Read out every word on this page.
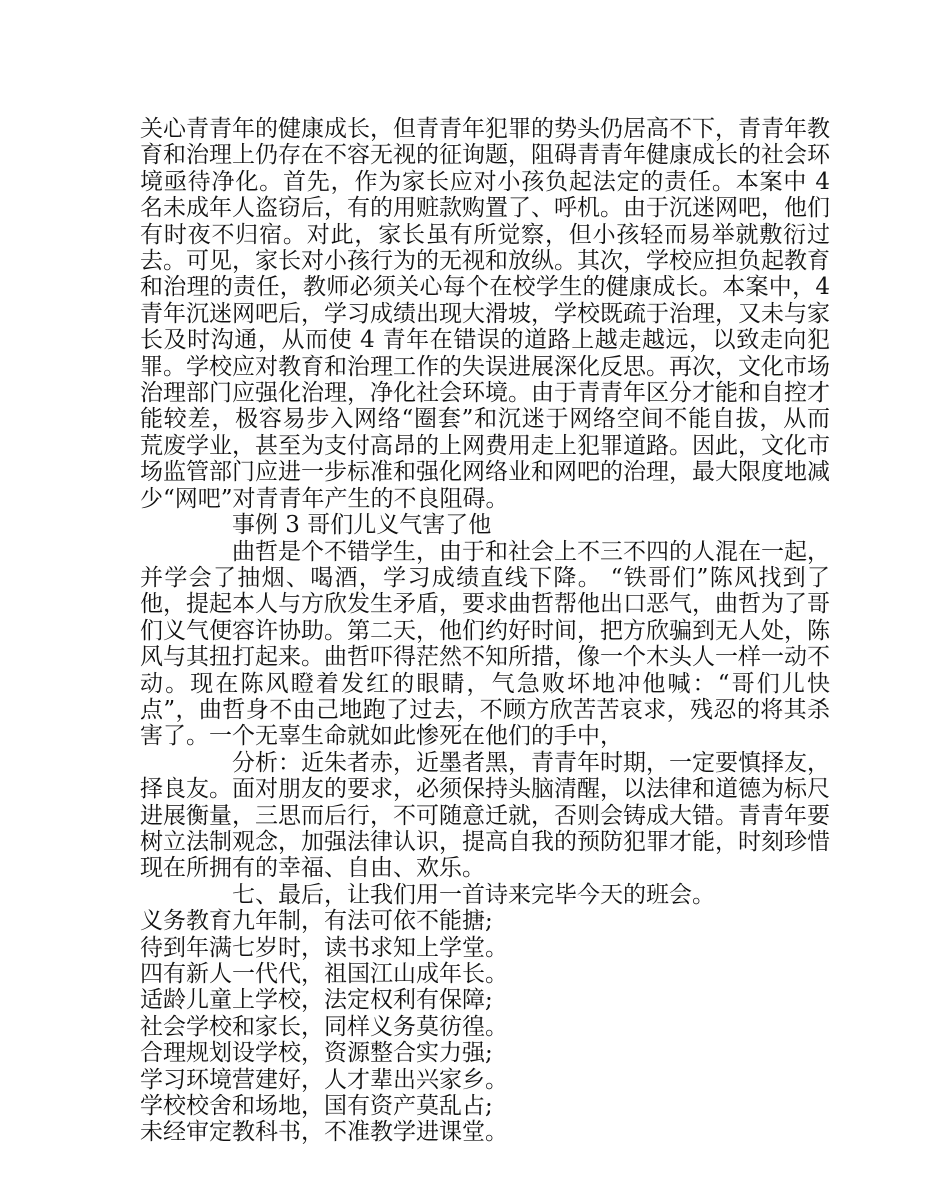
关心青青年的健康成长，但青青年犯罪的势头仍居高不下，青青年教育和治理上仍存在不容无视的征询题，阻碍青青年健康成长的社会环境亟待净化。首先，作为家长应对小孩负起法定的责任。本案中 4 名未成年人盗窃后，有的用赃款购置了、呼机。由于沉迷网吧，他们有时夜不归宿。对此，家长虽有所觉察，但小孩轻而易举就敷衍过去。可见，家长对小孩行为的无视和放纵。其次，学校应担负起教育和治理的责任，教师必须关心每个在校学生的健康成长。本案中，4 青年沉迷网吧后，学习成绩出现大滑坡，学校既疏于治理，又未与家长及时沟通，从而使 4 青年在错误的道路上越走越远，以致走向犯罪。学校应对教育和治理工作的失误进展深化反思。再次，文化市场治理部门应强化治理，净化社会环境。由于青青年区分才能和自控才能较差，极容易步入网络“圈套”和沉迷于网络空间不能自拔，从而荒废学业，甚至为支付高昂的上网费用走上犯罪道路。因此，文化市场监管部门应进一步标准和强化网络业和网吧的治理，最大限度地减少“网吧”对青青年产生的不良阻碍。

事例 3 哥们儿义气害了他

曲哲是个不错学生，由于和社会上不三不四的人混在一起，并学会了抽烟、喝酒，学习成绩直线下降。 “铁哥们”陈风找到了他，提起本人与方欣发生矛盾，要求曲哲帮他出口恶气，曲哲为了哥们义气便容许协助。第二天，他们约好时间，把方欣骗到无人处，陈风与其扭打起来。曲哲吓得茫然不知所措，像一个木头人一样一动不动。现在陈风瞪着发红的眼睛，气急败坏地冲他喊：“哥们儿快点”，曲哲身不由己地跑了过去，不顾方欣苦苦哀求，残忍的将其杀害了。一个无辜生命就如此惨死在他们的手中，

分析：近朱者赤，近墨者黑，青青年时期，一定要慎择友，择良友。面对朋友的要求，必须保持头脑清醒，以法律和道德为标尺进展衡量，三思而后行，不可随意迁就，否则会铸成大错。青青年要树立法制观念，加强法律认识，提高自我的预防犯罪才能，时刻珍惜现在所拥有的幸福、自由、欢乐。

七、最后，让我们用一首诗来完毕今天的班会。

义务教育九年制，有法可依不能搪;

待到年满七岁时，读书求知上学堂。

四有新人一代代，祖国江山成年长。

适龄儿童上学校，法定权利有保障;

社会学校和家长，同样义务莫彷徨。

合理规划设学校，资源整合实力强;

学习环境营建好，人才辈出兴家乡。

学校校舍和场地，国有资产莫乱占;

未经审定教科书，不准教学进课堂。
